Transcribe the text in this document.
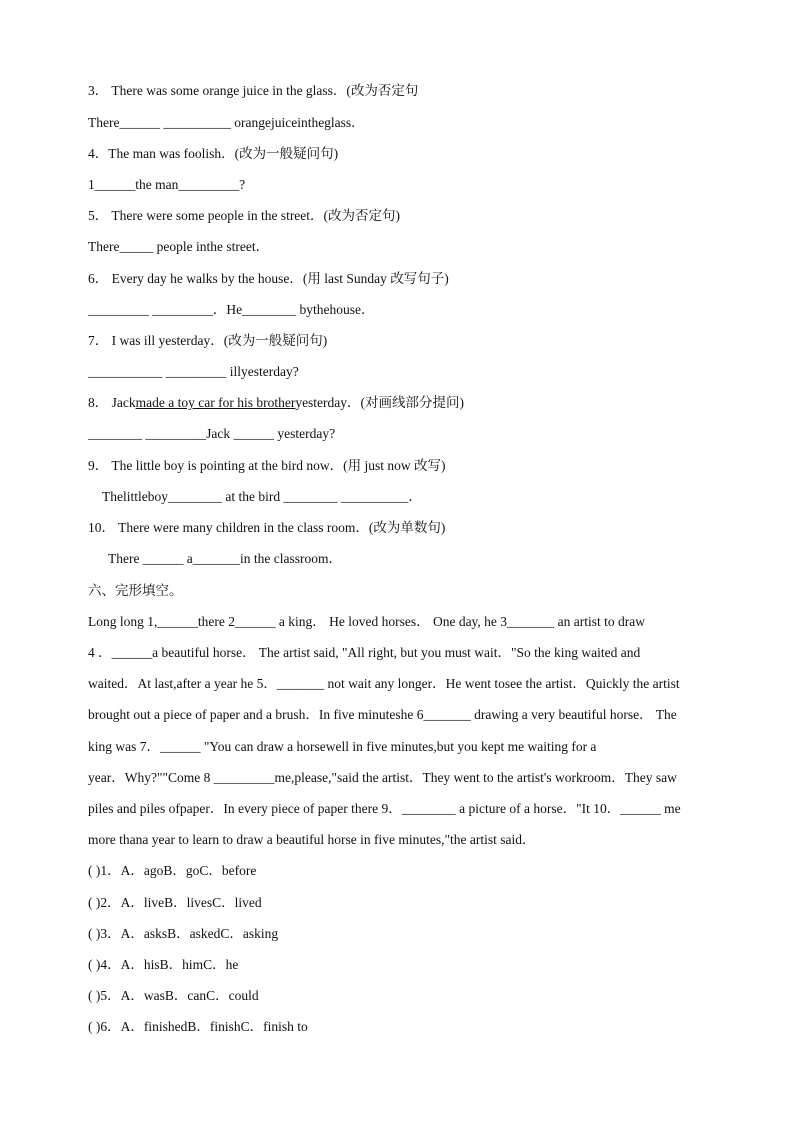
3． There was some orange juice in the glass．(改为否定句
There______ __________ orangejuiceintheglass．
4．The man was foolish．(改为一般疑问句)
1______the man_________?
5． There were some people in the street．(改为否定句)
There_____ people inthe street．
6． Every day he walks by the house．(用 last Sunday 改写句子)
_________ _________．He________ bythehouse．
7． I was ill yesterday．(改为一般疑问句)
___________ _________ illyesterday?
8． Jackmade a toy car for his brotheryesterday．(对画线部分提问)
________ _________Jack ______ yesterday?
9． The little boy is pointing at the bird now．(用 just now 改写)
Thelittleboy________ at the bird ________ __________．
10． There were many children in the class room．(改为单数句)
There ______ a_______in the classroom．
六、完形填空。
Long long 1,______there 2______ a king． He loved horses． One day, he 3_______ an artist to draw
4 ．______a beautiful horse． The artist said, "All right, but you must wait．"So the king waited and
waited．At last,after a year he 5．_______ not wait any longer．He went tosee the artist．Quickly the artist
brought out a piece of paper and a brush．In five minuteshe 6_______ drawing a very beautiful horse． The
king was 7．______ "You can draw a horsewell in five minutes,but you kept me waiting for a
year．Why?""Come 8 _________me,please,"said the artist．They went to the artist's workroom．They saw
piles and piles ofpaper．In every piece of paper there 9．________ a picture of a horse．"It 10．______ me
more thana year to learn to draw a beautiful horse in five minutes,"the artist said．
( )1．A．agoB．goC．before
( )2．A．liveB．livesC．lived
( )3．A．asksB．askedC．asking
( )4．A．hisB．himC．he
( )5．A．wasB．canC．could
( )6．A．finishedB．finishC．finish to
